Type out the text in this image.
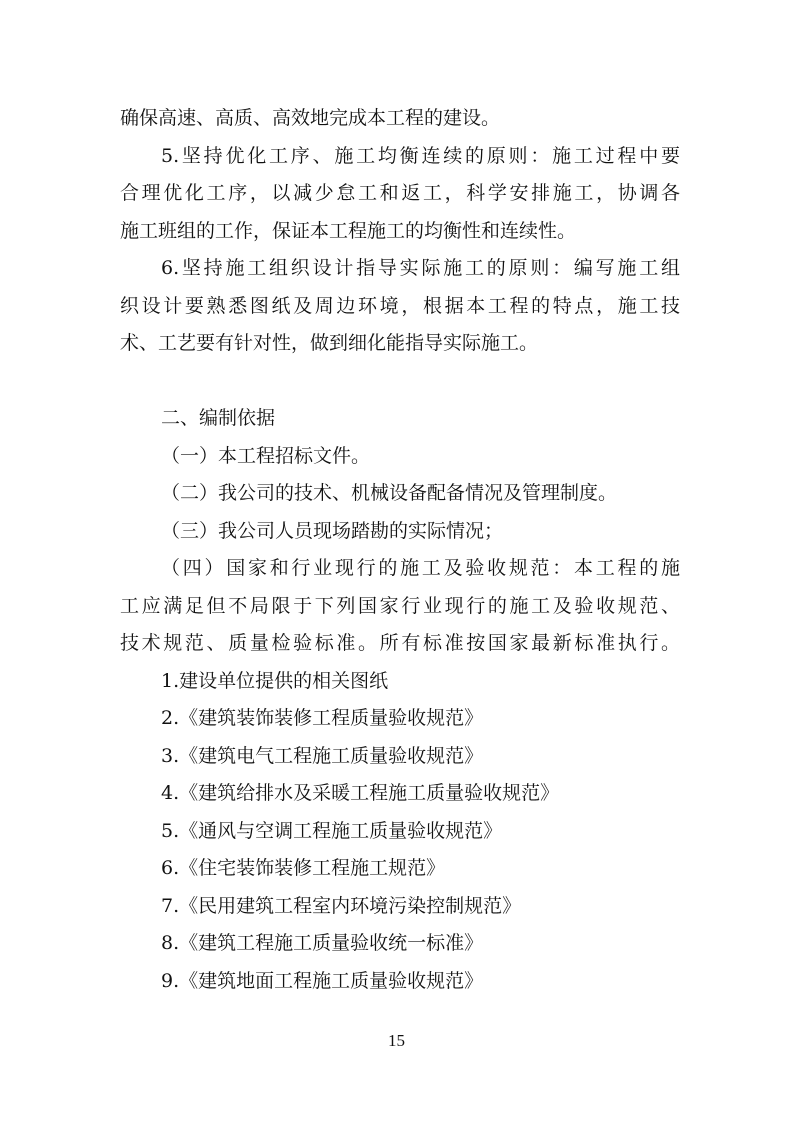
确保高速、高质、高效地完成本工程的建设。
5.坚持优化工序、施工均衡连续的原则：施工过程中要
合理优化工序，以减少怠工和返工，科学安排施工，协调各
施工班组的工作，保证本工程施工的均衡性和连续性。
6.坚持施工组织设计指导实际施工的原则：编写施工组
织设计要熟悉图纸及周边环境，根据本工程的特点，施工技
术、工艺要有针对性，做到细化能指导实际施工。
二、编制依据
（一）本工程招标文件。
（二）我公司的技术、机械设备配备情况及管理制度。
（三）我公司人员现场踏勘的实际情况；
（四）国家和行业现行的施工及验收规范：本工程的施
工应满足但不局限于下列国家行业现行的施工及验收规范、
技术规范、质量检验标准。所有标准按国家最新标准执行。
1.建设单位提供的相关图纸
2.《建筑装饰装修工程质量验收规范》
3.《建筑电气工程施工质量验收规范》
4.《建筑给排水及采暖工程施工质量验收规范》
5.《通风与空调工程施工质量验收规范》
6.《住宅装饰装修工程施工规范》
7.《民用建筑工程室内环境污染控制规范》
8.《建筑工程施工质量验收统一标准》
9.《建筑地面工程施工质量验收规范》
15
